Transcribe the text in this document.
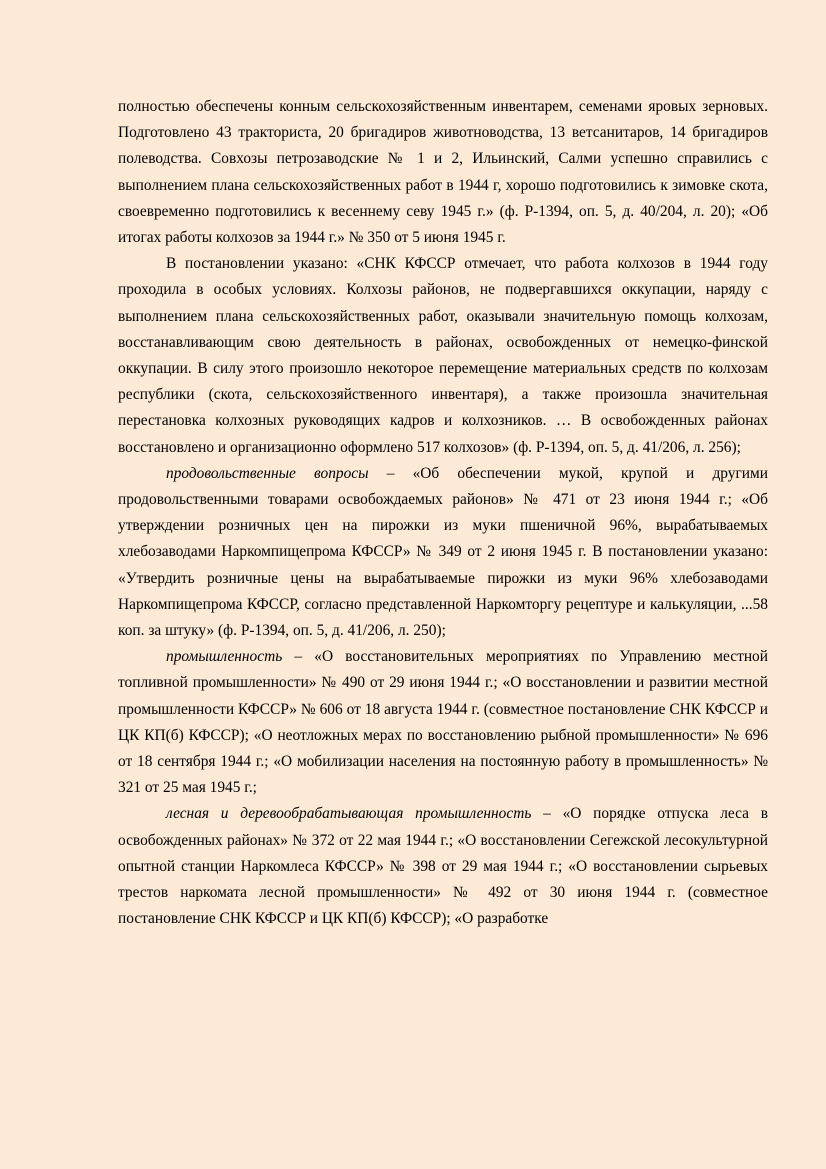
полностью обеспечены конным сельскохозяйственным инвентарем, семенами яровых зерновых. Подготовлено 43 тракториста, 20 бригадиров животноводства, 13 ветсанитаров, 14 бригадиров полеводства. Совхозы петрозаводские № 1 и 2, Ильинский, Салми успешно справились с выполнением плана сельскохозяйственных работ в 1944 г, хорошо подготовились к зимовке скота, своевременно подготовились к весеннему севу 1945 г.» (ф. Р-1394, оп. 5, д. 40/204, л. 20); «Об итогах работы колхозов за 1944 г.» № 350 от 5 июня 1945 г.

В постановлении указано: «СНК КФССР отмечает, что работа колхозов в 1944 году проходила в особых условиях. Колхозы районов, не подвергавшихся оккупации, наряду с выполнением плана сельскохозяйственных работ, оказывали значительную помощь колхозам, восстанавливающим свою деятельность в районах, освобожденных от немецко-финской оккупации. В силу этого произошло некоторое перемещение материальных средств по колхозам республики (скота, сельскохозяйственного инвентаря), а также произошла значительная перестановка колхозных руководящих кадров и колхозников. … В освобожденных районах восстановлено и организационно оформлено 517 колхозов» (ф. Р-1394, оп. 5, д. 41/206, л. 256);

продовольственные вопросы – «Об обеспечении мукой, крупой и другими продовольственными товарами освобождаемых районов» № 471 от 23 июня 1944 г.; «Об утверждении розничных цен на пирожки из муки пшеничной 96%, вырабатываемых хлебозаводами Наркомпищепрома КФССР» № 349 от 2 июня 1945 г. В постановлении указано: «Утвердить розничные цены на вырабатываемые пирожки из муки 96% хлебозаводами Наркомпищепрома КФССР, согласно представленной Наркомторгу рецептуре и калькуляции, ...58 коп. за штуку» (ф. Р-1394, оп. 5, д. 41/206, л. 250);

промышленность – «О восстановительных мероприятиях по Управлению местной топливной промышленности» № 490 от 29 июня 1944 г.; «О восстановлении и развитии местной промышленности КФССР» № 606 от 18 августа 1944 г. (совместное постановление СНК КФССР и ЦК КП(б) КФССР); «О неотложных мерах по восстановлению рыбной промышленности» № 696 от 18 сентября 1944 г.; «О мобилизации населения на постоянную работу в промышленность» № 321 от 25 мая 1945 г.;

лесная и деревообрабатывающая промышленность – «О порядке отпуска леса в освобожденных районах» № 372 от 22 мая 1944 г.; «О восстановлении Сегежской лесокультурной опытной станции Наркомлеса КФССР» № 398 от 29 мая 1944 г.; «О восстановлении сырьевых трестов наркомата лесной промышленности» № 492 от 30 июня 1944 г. (совместное постановление СНК КФССР и ЦК КП(б) КФССР); «О разработке
